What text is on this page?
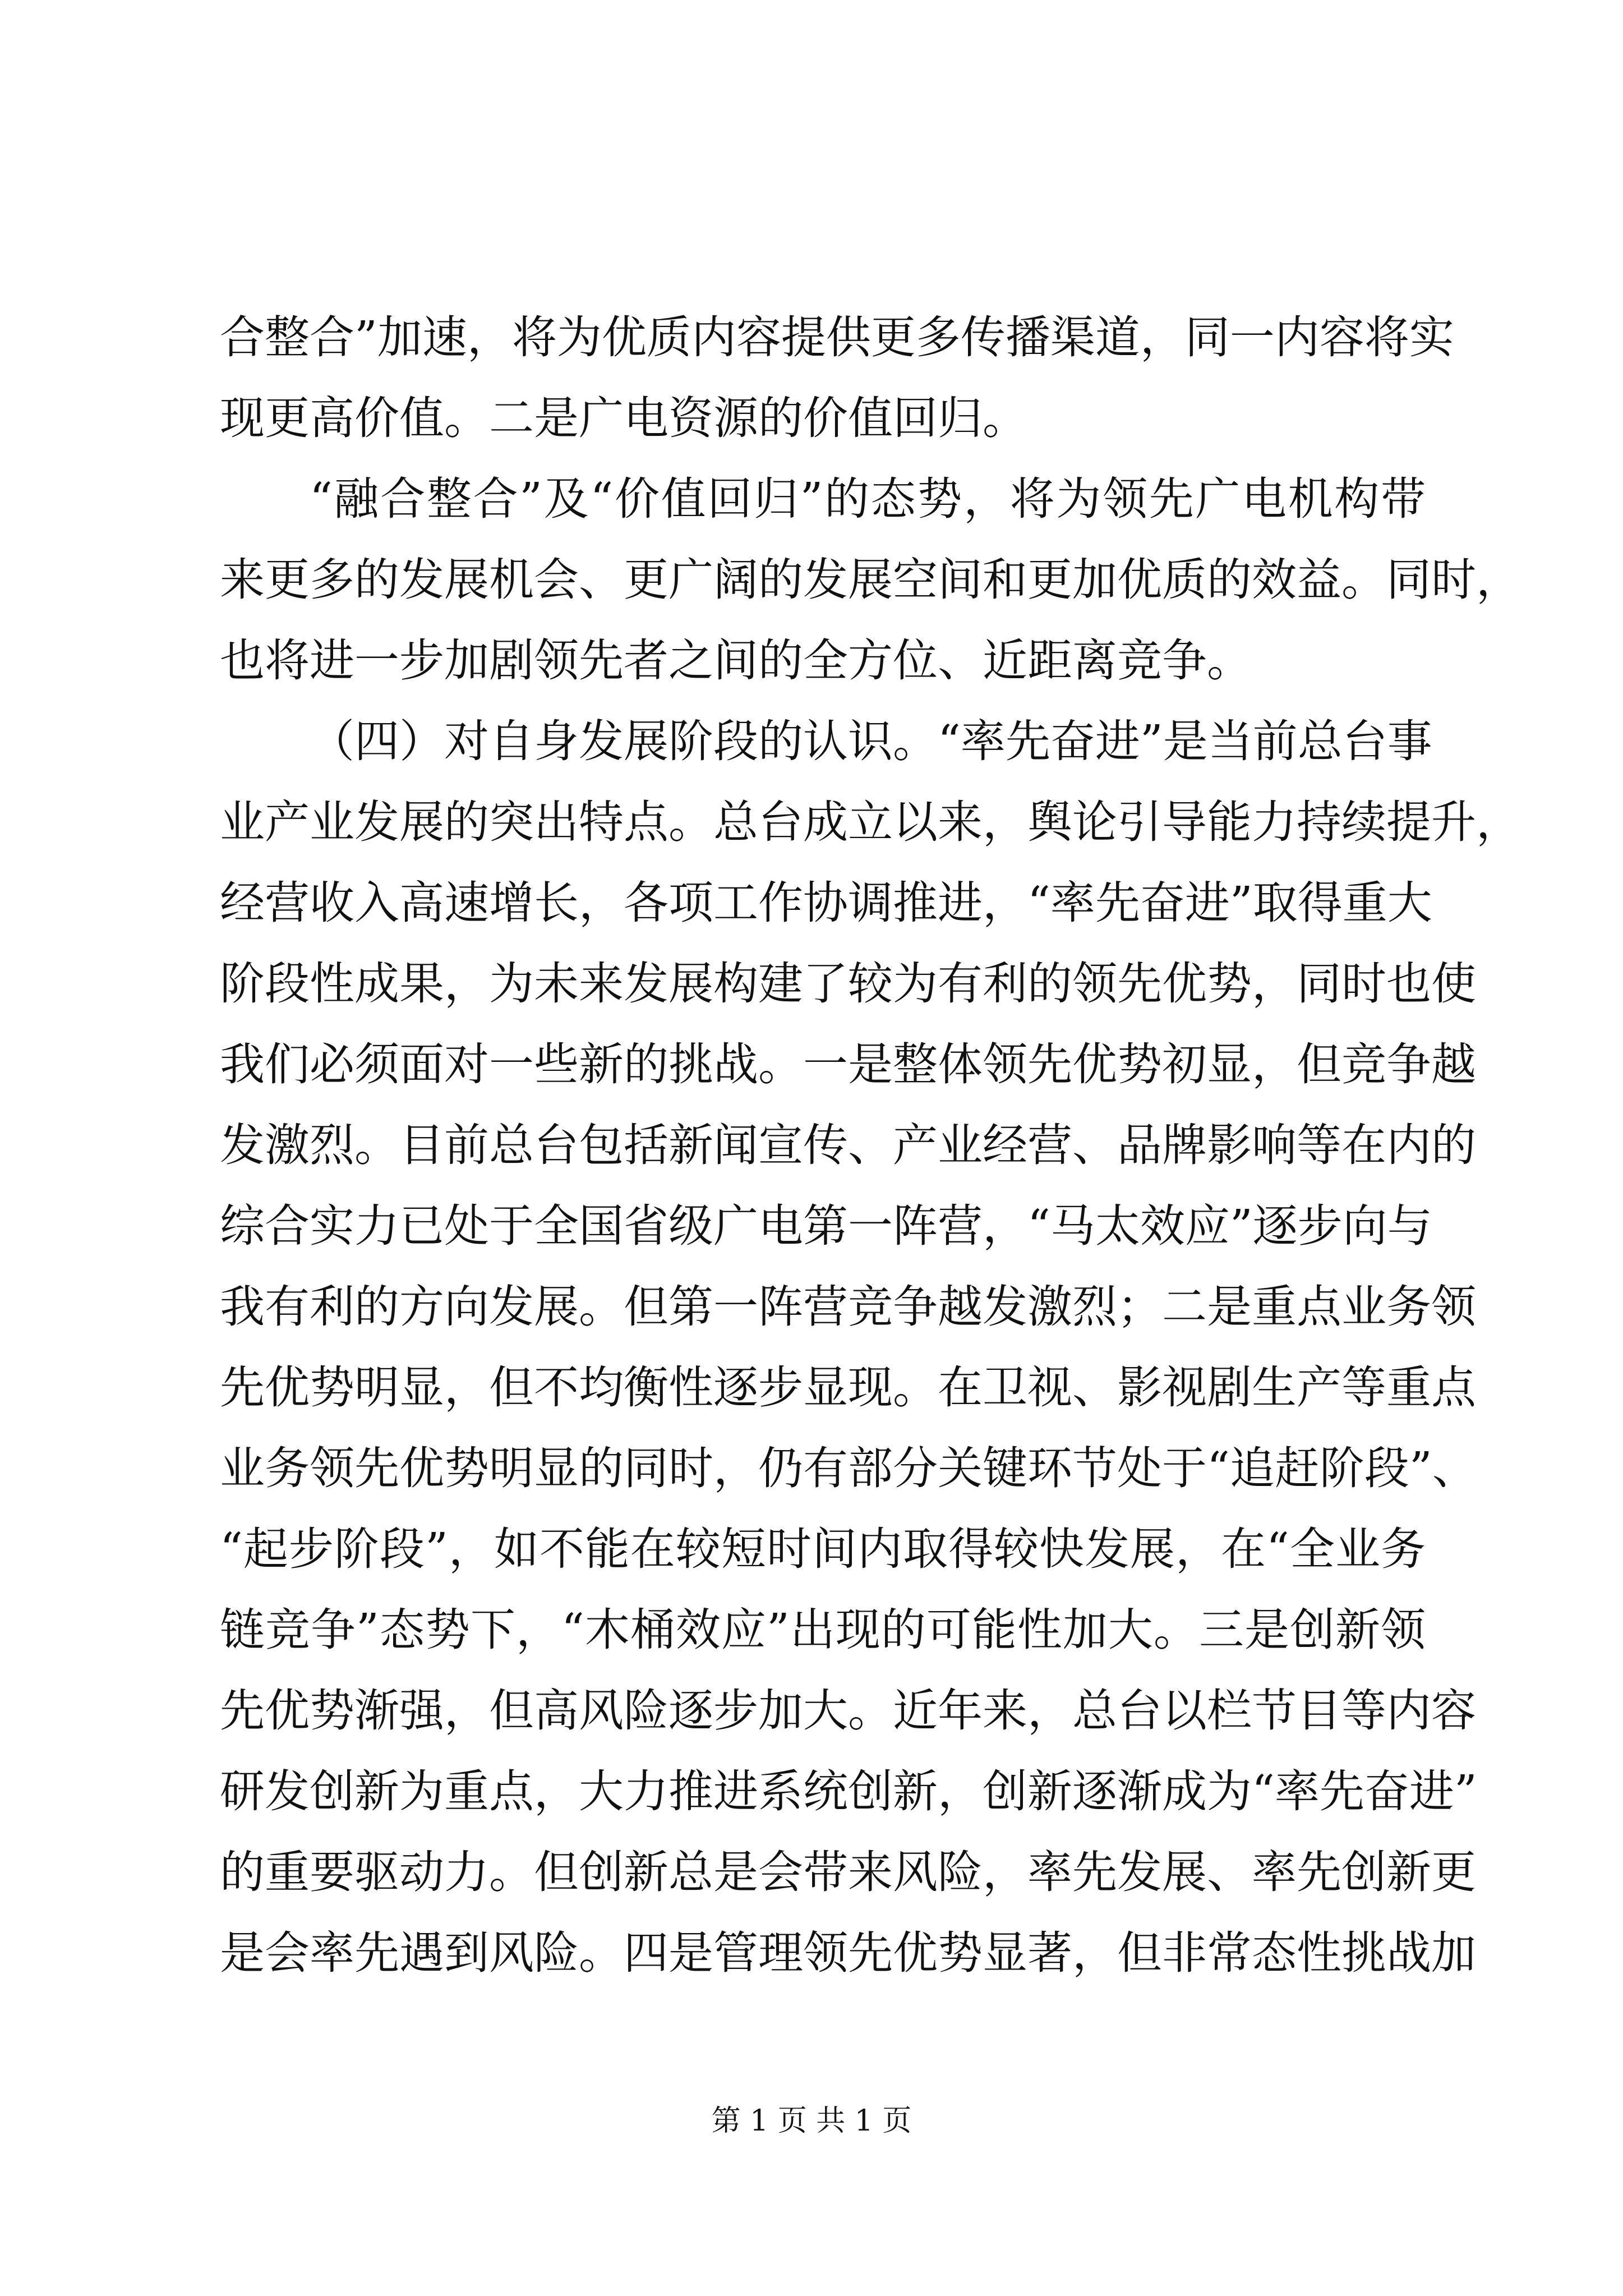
合整合”加速，将为优质内容提供更多传播渠道，同一内容将实
现更高价值。二是广电资源的价值回归。
“融合整合”及“价值回归”的态势，将为领先广电机构带
来更多的发展机会、更广阔的发展空间和更加优质的效益。同时，
也将进一步加剧领先者之间的全方位、近距离竞争。
（四）对自身发展阶段的认识。“率先奋进”是当前总台事
业产业发展的突出特点。总台成立以来，舆论引导能力持续提升，
经营收入高速增长，各项工作协调推进，“率先奋进”取得重大
阶段性成果，为未来发展构建了较为有利的领先优势，同时也使
我们必须面对一些新的挑战。一是整体领先优势初显，但竞争越
发激烈。目前总台包括新闻宣传、产业经营、品牌影响等在内的
综合实力已处于全国省级广电第一阵营，“马太效应”逐步向与
我有利的方向发展。但第一阵营竞争越发激烈；二是重点业务领
先优势明显，但不均衡性逐步显现。在卫视、影视剧生产等重点
业务领先优势明显的同时，仍有部分关键环节处于“追赶阶段”、
“起步阶段”，如不能在较短时间内取得较快发展，在“全业务
链竞争”态势下，“木桶效应”出现的可能性加大。三是创新领
先优势渐强，但高风险逐步加大。近年来，总台以栏节目等内容
研发创新为重点，大力推进系统创新，创新逐渐成为“率先奋进”
的重要驱动力。但创新总是会带来风险，率先发展、率先创新更
是会率先遇到风险。四是管理领先优势显著，但非常态性挑战加
第 1 页 共 1 页
